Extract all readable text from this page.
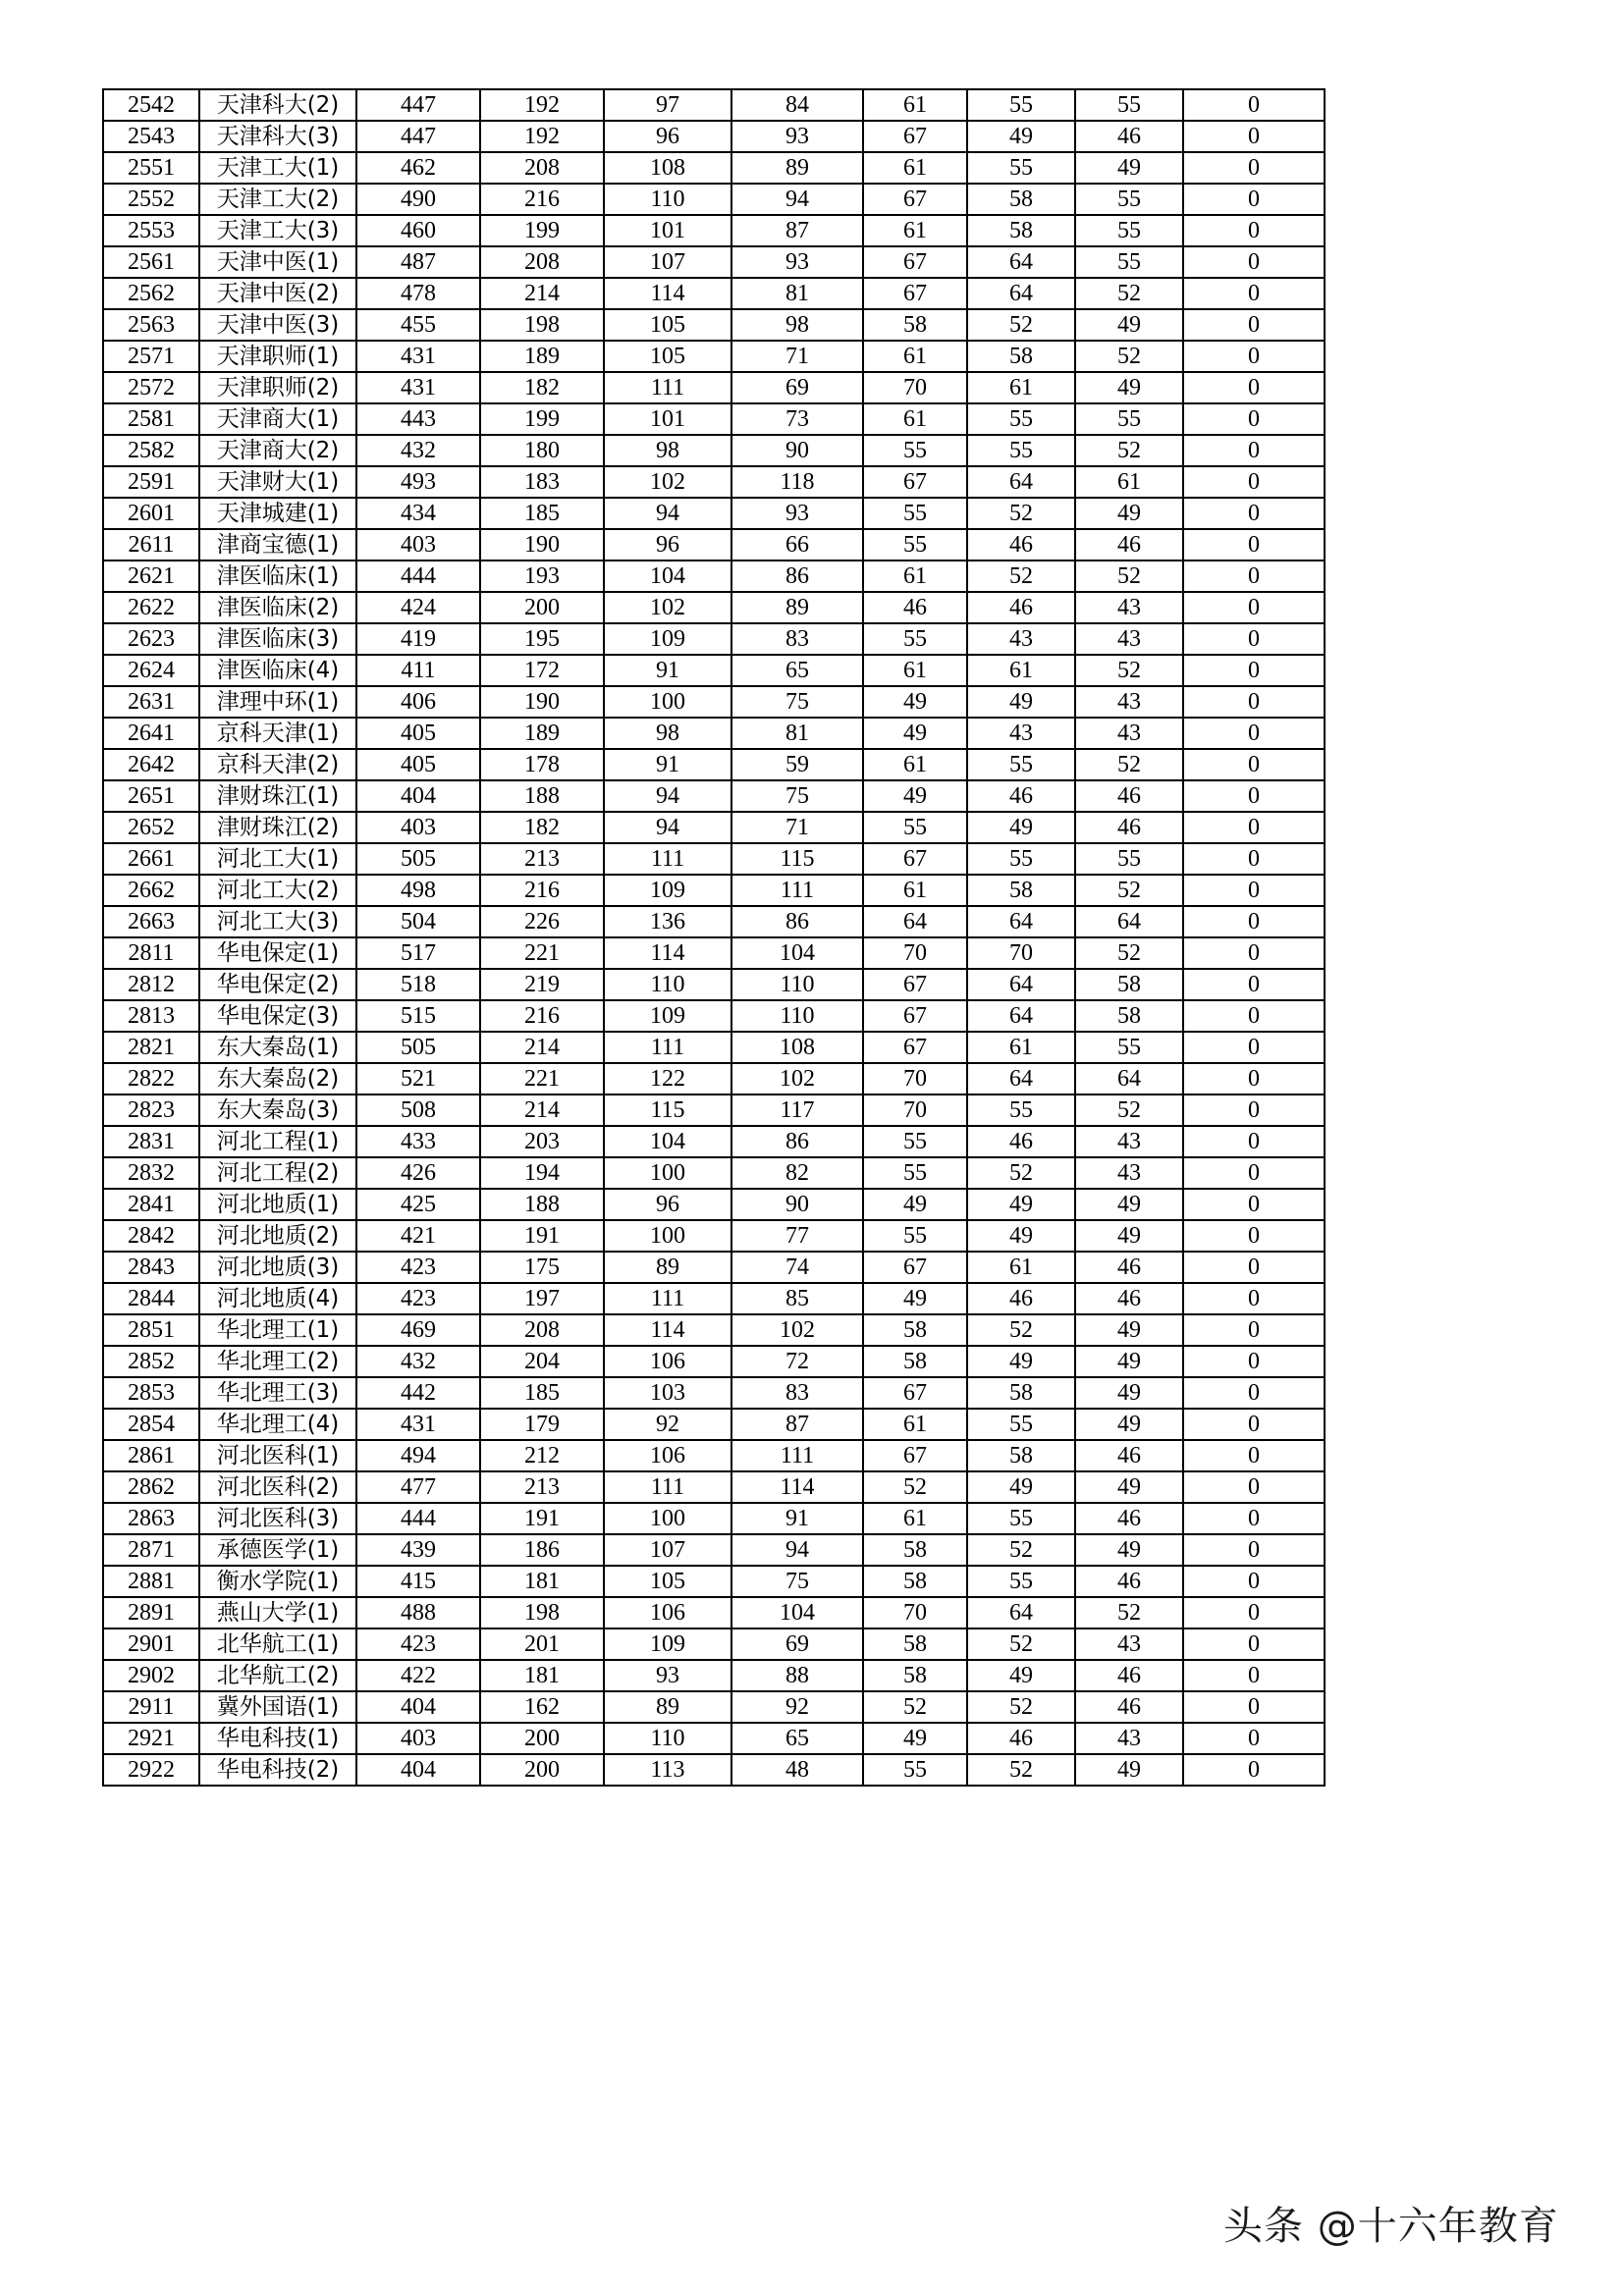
2542	天津科大(2)	447	192	97	84	61	55	55	0
2543	天津科大(3)	447	192	96	93	67	49	46	0
2551	天津工大(1)	462	208	108	89	61	55	49	0
2552	天津工大(2)	490	216	110	94	67	58	55	0
2553	天津工大(3)	460	199	101	87	61	58	55	0
2561	天津中医(1)	487	208	107	93	67	64	55	0
2562	天津中医(2)	478	214	114	81	67	64	52	0
2563	天津中医(3)	455	198	105	98	58	52	49	0
2571	天津职师(1)	431	189	105	71	61	58	52	0
2572	天津职师(2)	431	182	111	69	70	61	49	0
2581	天津商大(1)	443	199	101	73	61	55	55	0
2582	天津商大(2)	432	180	98	90	55	55	52	0
2591	天津财大(1)	493	183	102	118	67	64	61	0
2601	天津城建(1)	434	185	94	93	55	52	49	0
2611	津商宝德(1)	403	190	96	66	55	46	46	0
2621	津医临床(1)	444	193	104	86	61	52	52	0
2622	津医临床(2)	424	200	102	89	46	46	43	0
2623	津医临床(3)	419	195	109	83	55	43	43	0
2624	津医临床(4)	411	172	91	65	61	61	52	0
2631	津理中环(1)	406	190	100	75	49	49	43	0
2641	京科天津(1)	405	189	98	81	49	43	43	0
2642	京科天津(2)	405	178	91	59	61	55	52	0
2651	津财珠江(1)	404	188	94	75	49	46	46	0
2652	津财珠江(2)	403	182	94	71	55	49	46	0
2661	河北工大(1)	505	213	111	115	67	55	55	0
2662	河北工大(2)	498	216	109	111	61	58	52	0
2663	河北工大(3)	504	226	136	86	64	64	64	0
2811	华电保定(1)	517	221	114	104	70	70	52	0
2812	华电保定(2)	518	219	110	110	67	64	58	0
2813	华电保定(3)	515	216	109	110	67	64	58	0
2821	东大秦岛(1)	505	214	111	108	67	61	55	0
2822	东大秦岛(2)	521	221	122	102	70	64	64	0
2823	东大秦岛(3)	508	214	115	117	70	55	52	0
2831	河北工程(1)	433	203	104	86	55	46	43	0
2832	河北工程(2)	426	194	100	82	55	52	43	0
2841	河北地质(1)	425	188	96	90	49	49	49	0
2842	河北地质(2)	421	191	100	77	55	49	49	0
2843	河北地质(3)	423	175	89	74	67	61	46	0
2844	河北地质(4)	423	197	111	85	49	46	46	0
2851	华北理工(1)	469	208	114	102	58	52	49	0
2852	华北理工(2)	432	204	106	72	58	49	49	0
2853	华北理工(3)	442	185	103	83	67	58	49	0
2854	华北理工(4)	431	179	92	87	61	55	49	0
2861	河北医科(1)	494	212	106	111	67	58	46	0
2862	河北医科(2)	477	213	111	114	52	49	49	0
2863	河北医科(3)	444	191	100	91	61	55	46	0
2871	承德医学(1)	439	186	107	94	58	52	49	0
2881	衡水学院(1)	415	181	105	75	58	55	46	0
2891	燕山大学(1)	488	198	106	104	70	64	52	0
2901	北华航工(1)	423	201	109	69	58	52	43	0
2902	北华航工(2)	422	181	93	88	58	49	46	0
2911	冀外国语(1)	404	162	89	92	52	52	46	0
2921	华电科技(1)	403	200	110	65	49	46	43	0
2922	华电科技(2)	404	200	113	48	55	52	49	0
头条 @十六年教育
